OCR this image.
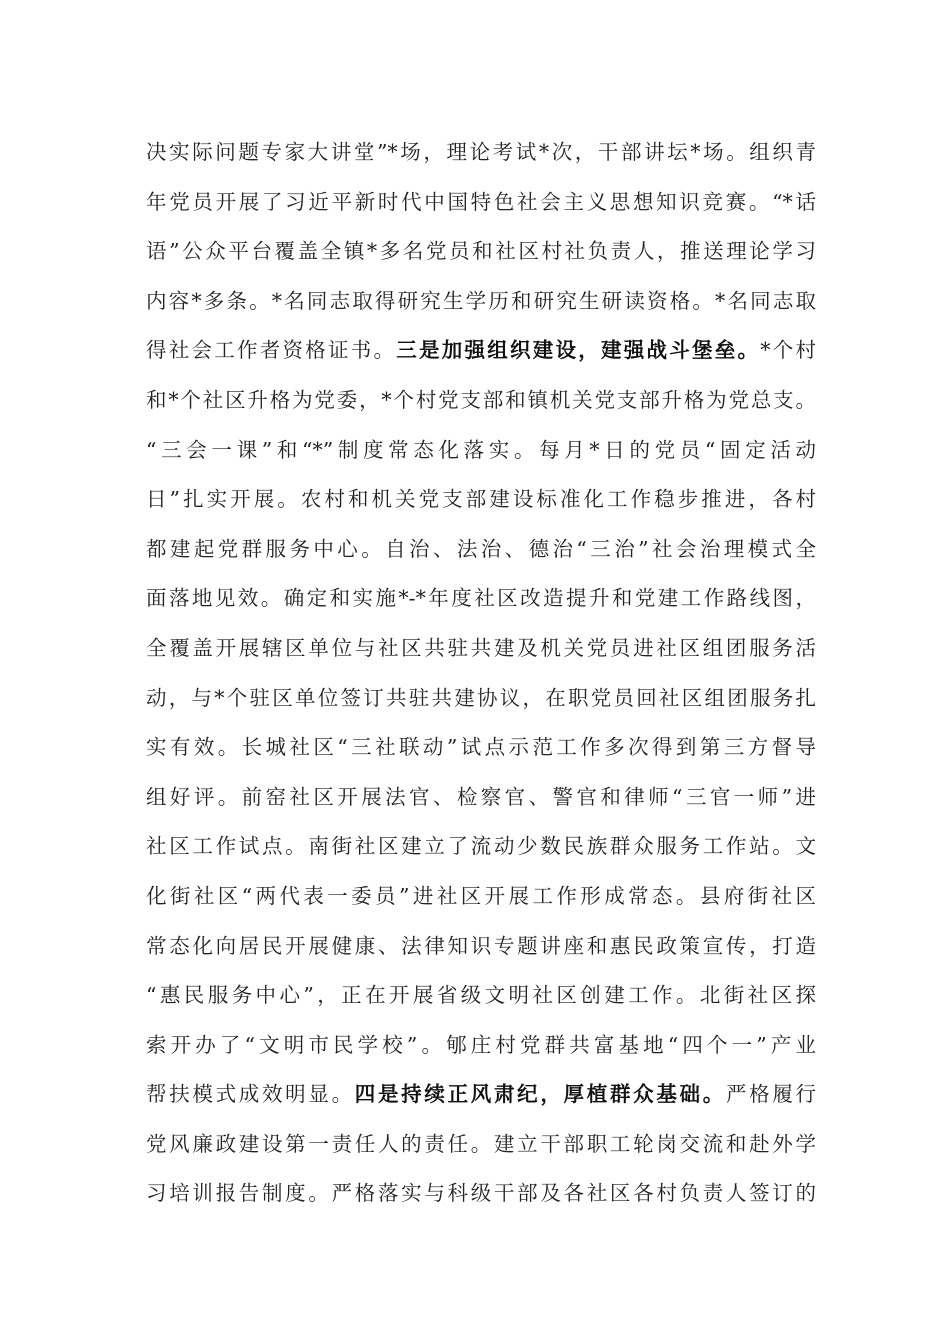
决实际问题专家大讲堂”*场，理论考试*次，干部讲坛*场。组织青
年党员开展了习近平新时代中国特色社会主义思想知识竞赛。“*话
语”公众平台覆盖全镇*多名党员和社区村社负责人，推送理论学习
内容*多条。*名同志取得研究生学历和研究生研读资格。*名同志取
得社会工作者资格证书。三是加强组织建设，建强战斗堡垒。*个村
和*个社区升格为党委，*个村党支部和镇机关党支部升格为党总支。
“三会一课”和“*”制度常态化落实。每月*日的党员“固定活动
日”扎实开展。农村和机关党支部建设标准化工作稳步推进，各村
都建起党群服务中心。自治、法治、德治“三治”社会治理模式全
面落地见效。确定和实施*-*年度社区改造提升和党建工作路线图，
全覆盖开展辖区单位与社区共驻共建及机关党员进社区组团服务活
动，与*个驻区单位签订共驻共建协议，在职党员回社区组团服务扎
实有效。长城社区“三社联动”试点示范工作多次得到第三方督导
组好评。前窑社区开展法官、检察官、警官和律师“三官一师”进
社区工作试点。南街社区建立了流动少数民族群众服务工作站。文
化街社区“两代表一委员”进社区开展工作形成常态。县府街社区
常态化向居民开展健康、法律知识专题讲座和惠民政策宣传，打造
“惠民服务中心”，正在开展省级文明社区创建工作。北街社区探
索开办了“文明市民学校”。郇庄村党群共富基地“四个一”产业
帮扶模式成效明显。四是持续正风肃纪，厚植群众基础。严格履行
党风廉政建设第一责任人的责任。建立干部职工轮岗交流和赴外学
习培训报告制度。严格落实与科级干部及各社区各村负责人签订的
